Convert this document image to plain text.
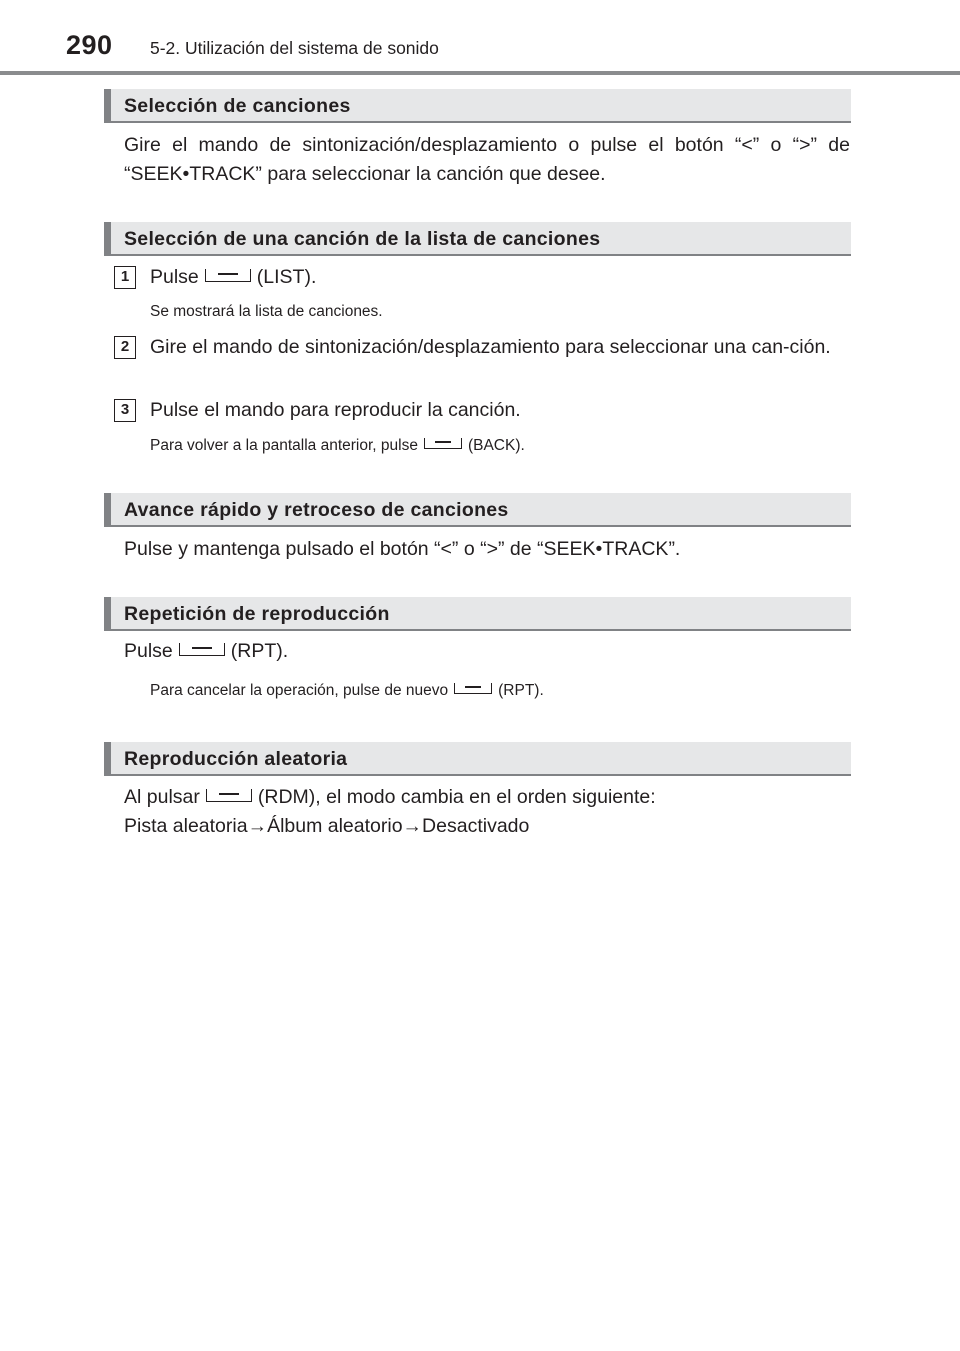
290 5-2. Utilización del sistema de sonido
Selección de canciones
Gire el mando de sintonización/desplazamiento o pulse el botón “<” o “>” de “SEEK•TRACK” para seleccionar la canción que desee.
Selección de una canción de la lista de canciones
1	Pulse	(LIST).
Se mostrará la lista de canciones.
2	Gire el mando de sintonización/desplazamiento para seleccionar una can-ción.
3	Pulse el mando para reproducir la canción.
Para volver a la pantalla anterior, pulse	(BACK).
Avance rápido y retroceso de canciones
Pulse y mantenga pulsado el botón “<” o “>” de “SEEK•TRACK”.
Repetición de reproducción
Pulse	(RPT).
Para cancelar la operación, pulse de nuevo	(RPT).
Reproducción aleatoria
Al pulsar	(RDM), el modo cambia en el orden siguiente:
Pista aleatoria→Álbum aleatorio→Desactivado
